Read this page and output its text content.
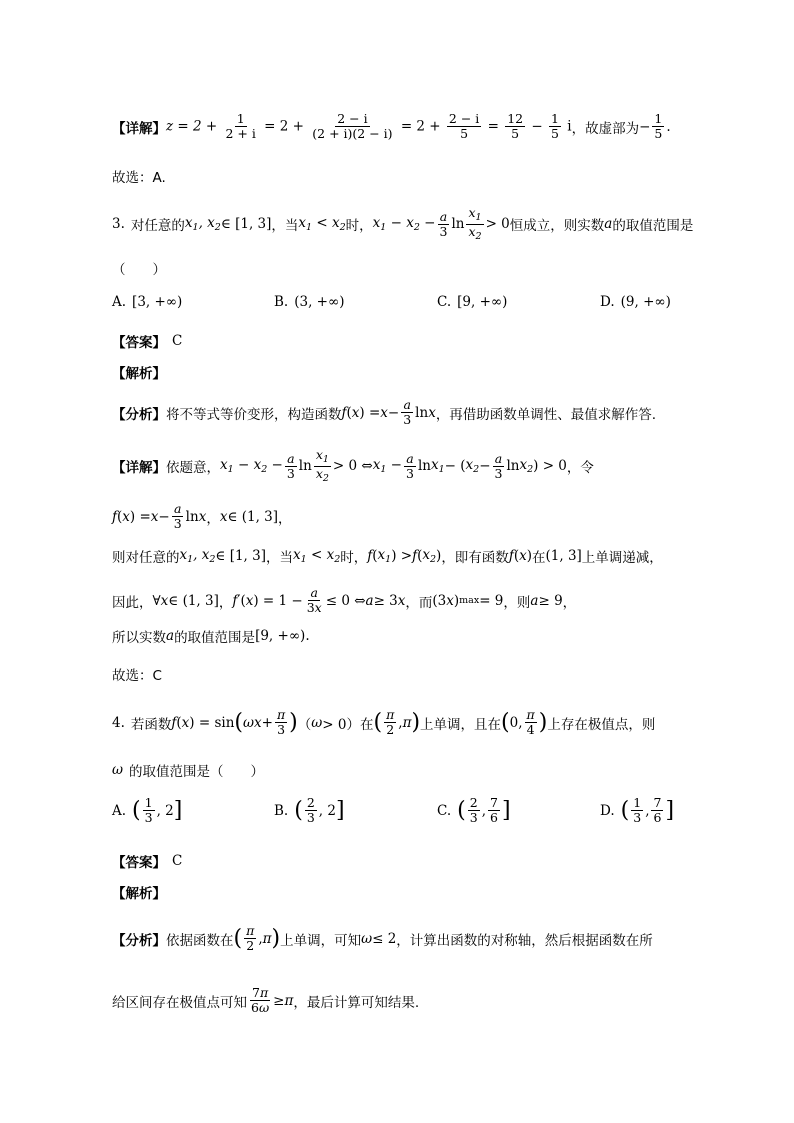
【详解】 $z = 2 + \frac{1}{2 + i} = 2 + \frac{2 - i}{(2 + i)(2 - i)} = 2 + \frac{2 - i}{5} = \frac{12}{5} - \frac{1}{5}$ i ，故虚部为 − $\frac{1}{5}$ .
故选：A.
3. 对任意的 $x_1$, $x_2$ ∈ [1, 3] ，当 $x_1 < x_2$ 时， $x_1 - x_2 - \frac{a}{3}$ $\ln \frac{x_1}{x_2} > 0$ 恒成立，则实数 a 的取值范围是
（　　）
A. [3, +∞)	B. (3, +∞)	C. [9, +∞)	D. (9, +∞)
【答案】 C
【解析】
【分析】 将不等式等价变形，构造函数 f ( x ) = $x - \frac{a}{3}$ ln x ，再借助函数单调性、最值求解作答.
【详解】 依题意， $x_1 - x_2 - \frac{a}{3}$ $\ln \frac{x_1}{x_2} > 0$ ⇔ $x_1 - \frac{a}{3}$ $\ln x_1$ − ( $x_2 - \frac{a}{3}$ $\ln x_2$ ) > 0 ，令
f ( x ) = $x - \frac{a}{3}$ ln x ， x ∈ (1, 3] ，
则对任意的 $x_1$, $x_2$ ∈ [1, 3] ，当 $x_1 < x_2$ 时， f ( $x_1$ ) > f ( $x_2$ ) ，即有函数 f ( x ) 在 (1, 3] 上单调递减，
因此， ∀ x ∈ (1, 3] ， f ′( x ) = $1 - \frac{a}{3x} \le 0$ ⇔ a ≥ 3 x ，而 (3 x ) max = 9 ，则 a ≥ 9 ，
所以实数 a 的取值范围是 [9, +∞) .
故选：C
4. 若函数 f ( x ) = sin ( $\omega x + \frac{\pi}{3}$ ) （ ω > 0） 在 ( $\frac{\pi}{2}$ , π ) 上单调，且在 ( 0, $\frac{\pi}{4}$ ) 上存在极值点，则
ω 的取值范围是（　　）
A. ( $\frac{1}{3}$ , 2 ]	B. ( $\frac{2}{3}$ , 2 ]	C. ( $\frac{2}{3}$ , $\frac{7}{6}$ ]	D. ( $\frac{1}{3}$ , $\frac{7}{6}$ ]
【答案】 C
【解析】
【分析】 依据函数在 ( $\frac{\pi}{2}$ , π ) 上单调，可知 ω ≤ 2 ，计算出函数的对称轴，然后根据函数在所
给区间存在极值点可知 $\frac{7\pi}{6\omega} \ge \pi$ ，最后计算可知结果.
